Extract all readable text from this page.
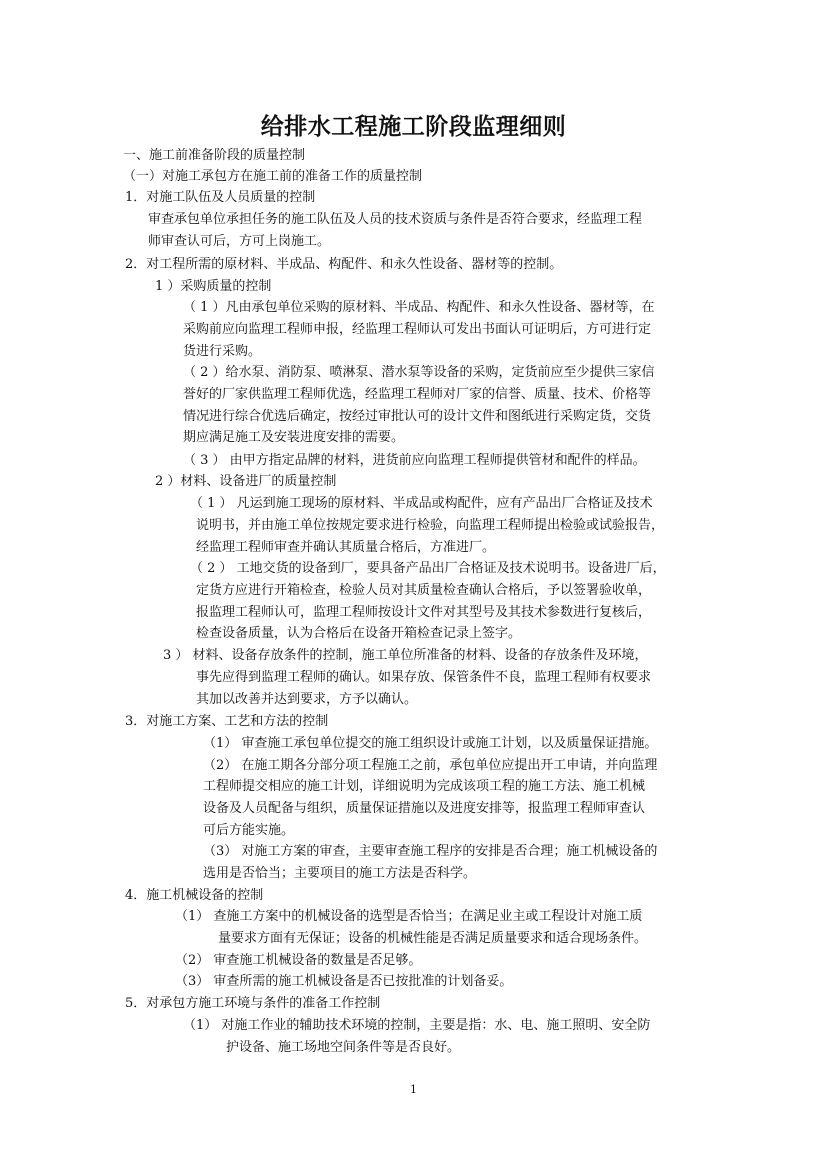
给排水工程施工阶段监理细则
一、施工前准备阶段的质量控制
（一）对施工承包方在施工前的准备工作的质量控制
1．对施工队伍及人员质量的控制
审查承包单位承担任务的施工队伍及人员的技术资质与条件是否符合要求，经监理工程
师审查认可后，方可上岗施工。
2．对工程所需的原材料、半成品、构配件、和永久性设备、器材等的控制。
1 ）采购质量的控制
（ 1 ）凡由承包单位采购的原材料、半成品、构配件、和永久性设备、器材等，在
采购前应向监理工程师申报，经监理工程师认可发出书面认可证明后，方可进行定
货进行采购。
（ 2 ）给水泵、消防泵、喷淋泵、潜水泵等设备的采购，定货前应至少提供三家信
誉好的厂家供监理工程师优选，经监理工程师对厂家的信誉、质量、技术、价格等
情况进行综合优选后确定，按经过审批认可的设计文件和图纸进行采购定货，交货
期应满足施工及安装进度安排的需要。
（ 3 ） 由甲方指定品牌的材料，进货前应向监理工程师提供管材和配件的样品。
2 ）材料、设备进厂的质量控制
（ 1 ） 凡运到施工现场的原材料、半成品或构配件，应有产品出厂合格证及技术
说明书，并由施工单位按规定要求进行检验，向监理工程师提出检验或试验报告，
经监理工程师审查并确认其质量合格后，方准进厂。
（ 2 ） 工地交货的设备到厂，要具备产品出厂合格证及技术说明书。设备进厂后，
定货方应进行开箱检查，检验人员对其质量检查确认合格后，予以签署验收单，
报监理工程师认可，监理工程师按设计文件对其型号及其技术参数进行复核后，
检查设备质量，认为合格后在设备开箱检查记录上签字。
3 ） 材料、设备存放条件的控制，施工单位所准备的材料、设备的存放条件及环境，
事先应得到监理工程师的确认。如果存放、保管条件不良，监理工程师有权要求
其加以改善并达到要求，方予以确认。
3．对施工方案、工艺和方法的控制
（1） 审查施工承包单位提交的施工组织设计或施工计划，以及质量保证措施。
（2） 在施工期各分部分项工程施工之前，承包单位应提出开工申请，并向监理
工程师提交相应的施工计划，详细说明为完成该项工程的施工方法、施工机械
设备及人员配备与组织，质量保证措施以及进度安排等，报监理工程师审查认
可后方能实施。
（3） 对施工方案的审查，主要审查施工程序的安排是否合理；施工机械设备的
选用是否恰当；主要项目的施工方法是否科学。
4．施工机械设备的控制
（1） 查施工方案中的机械设备的选型是否恰当；在满足业主或工程设计对施工质
量要求方面有无保证；设备的机械性能是否满足质量要求和适合现场条件。
（2） 审查施工机械设备的数量是否足够。
（3） 审查所需的施工机械设备是否已按批准的计划备妥。
5．对承包方施工环境与条件的准备工作控制
（1） 对施工作业的辅助技术环境的控制，主要是指：水、电、施工照明、安全防
护设备、施工场地空间条件等是否良好。
1
